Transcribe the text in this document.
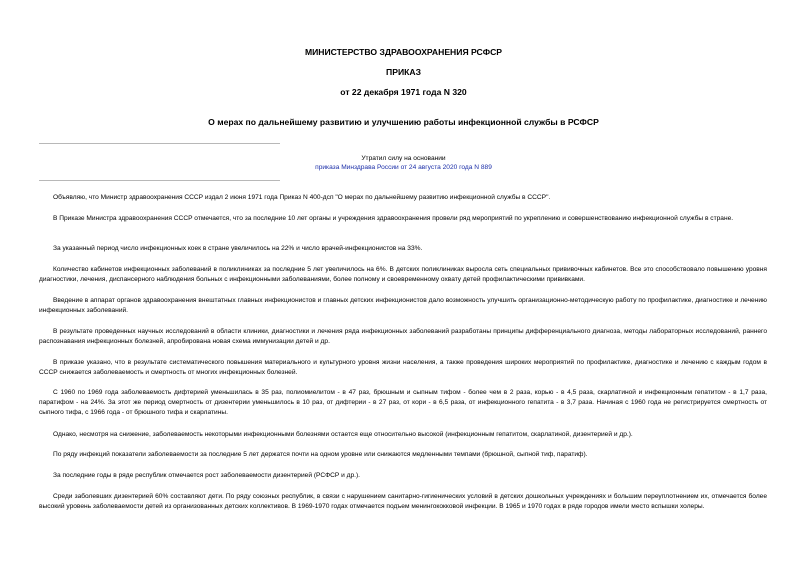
МИНИСТЕРСТВО ЗДРАВООХРАНЕНИЯ РСФСР

ПРИКАЗ

от 22 декабря 1971 года N 320

О мерах по дальнейшему развитию и улучшению работы инфекционной службы в РСФСР

Утратил силу на основании

приказа Минздрава России от 24 августа 2020 года N 889

Объявляю, что Министр здравоохранения СССР издал 2 июня 1971 года Приказ N 400-дсп "О мерах по дальнейшему развитию инфекционной службы в СССР".

В Приказе Министра здравоохранения СССР отмечается, что за последние 10 лет органы и учреждения здравоохранения провели ряд мероприятий по укреплению и совершенствованию инфекционной службы в стране.

За указанный период число инфекционных коек в стране увеличилось на 22% и число врачей-инфекционистов на 33%.

Количество кабинетов инфекционных заболеваний в поликлиниках за последние 5 лет увеличилось на 6%. В детских поликлиниках выросла сеть специальных прививочных кабинетов. Все это способствовало повышению уровня диагностики, лечения, диспансерного наблюдения больных с инфекционными заболеваниями, более полному и своевременному охвату детей профилактическими прививками.

Введение в аппарат органов здравоохранения внештатных главных инфекционистов и главных детских инфекционистов дало возможность улучшить организационно-методическую работу по профилактике, диагностике и лечению инфекционных заболеваний.

В результате проведенных научных исследований в области клиники, диагностики и лечения ряда инфекционных заболеваний разработаны принципы дифференциального диагноза, методы лабораторных исследований, раннего распознавания инфекционных болезней, апробирована новая схема иммунизации детей и др.

В приказе указано, что в результате систематического повышения материального и культурного уровня жизни населения, а также проведения широких мероприятий по профилактике, диагностике и лечению с каждым годом в СССР снижается заболеваемость и смертность от многих инфекционных болезней.

С 1960 по 1969 года заболеваемость дифтерией уменьшилась в 35 раз, полиомиелитом - в 47 раз, брюшным и сыпным тифом - более чем в 2 раза, корью - в 4,5 раза, скарлатиной и инфекционным гепатитом - в 1,7 раза, паратифом - на 24%. За этот же период смертность от дизентерии уменьшилось в 10 раз, от дифтерии - в 27 раз, от кори - в 6,5 раза, от инфекционного гепатита - в 3,7 раза. Начиная с 1960 года не регистрируется смертность от сыпного тифа, с 1966 года - от брюшного тифа и скарлатины.

Однако, несмотря на снижение, заболеваемость некоторыми инфекционными болезнями остается еще относительно высокой (инфекционным гепатитом, скарлатиной, дизентерией и др.).

По ряду инфекций показатели заболеваемости за последние 5 лет держатся почти на одном уровне или снижаются медленными темпами (брюшной, сыпной тиф, паратиф).

За последние годы в ряде республик отмечается рост заболеваемости дизентерией (РСФСР и др.).

Среди заболевших дизентерией 60% составляют дети. По ряду союзных республик, в связи с нарушением санитарно-гигиенических условий в детских дошкольных учреждениях и большим переуплотнением их, отмечается более высокий уровень заболеваемости детей из организованных детских коллективов. В 1969-1970 годах отмечается подъем менингококковой инфекции. В 1965 и 1970 годах в ряде городов имели место вспышки холеры.
